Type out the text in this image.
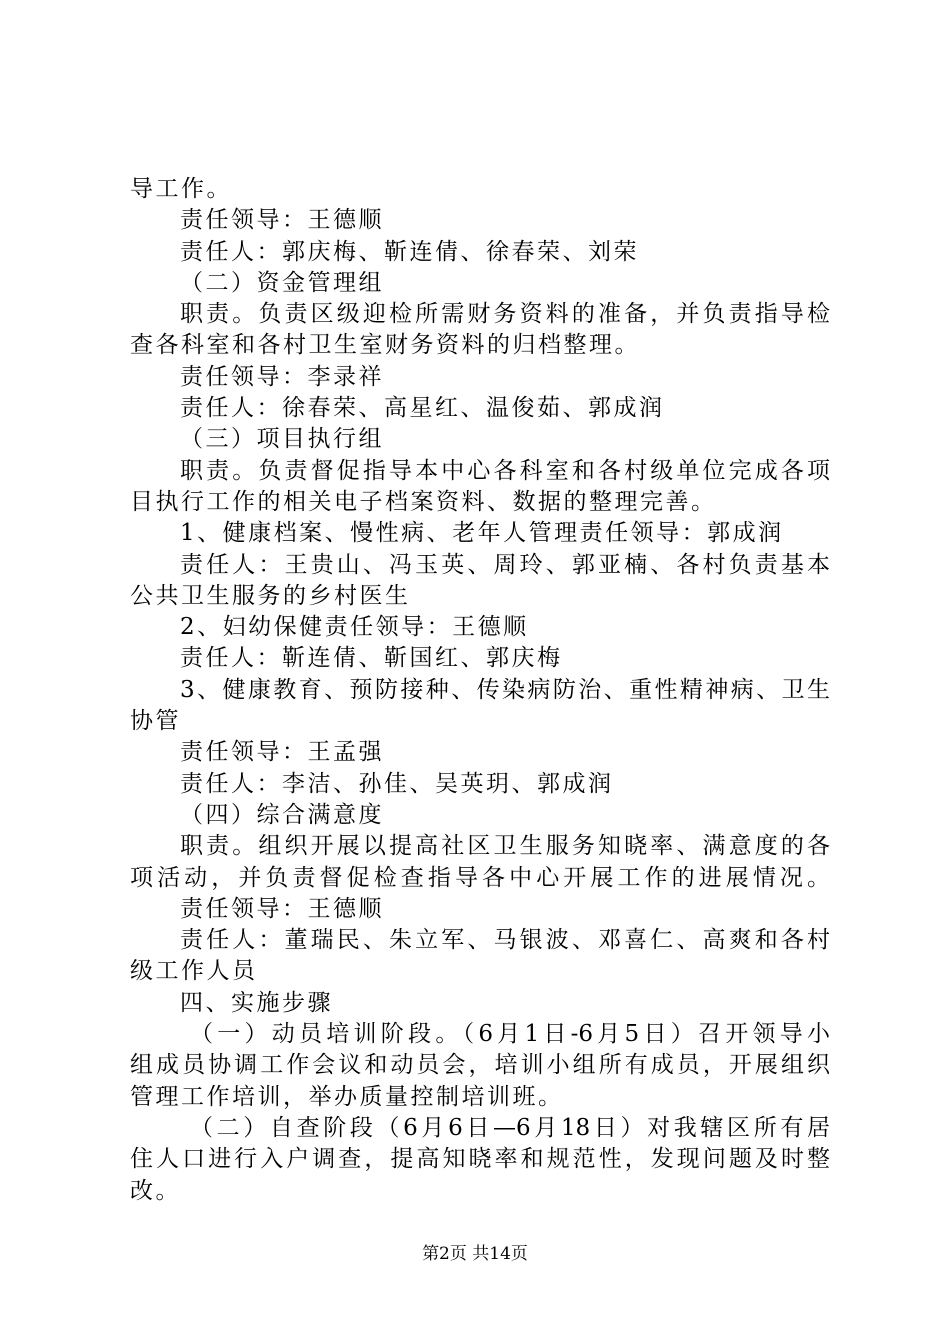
导工作。
责任领导：王德顺
责任人：郭庆梅、靳连倩、徐春荣、刘荣
（二）资金管理组
职责。负责区级迎检所需财务资料的准备，并负责指导检
查各科室和各村卫生室财务资料的归档整理。
责任领导：李录祥
责任人：徐春荣、高星红、温俊茹、郭成润
（三）项目执行组
职责。负责督促指导本中心各科室和各村级单位完成各项
目执行工作的相关电子档案资料、数据的整理完善。
1、健康档案、慢性病、老年人管理责任领导：郭成润
责任人：王贵山、冯玉英、周玲、郭亚楠、各村负责基本
公共卫生服务的乡村医生
2、妇幼保健责任领导：王德顺
责任人：靳连倩、靳国红、郭庆梅
3、健康教育、预防接种、传染病防治、重性精神病、卫生
协管
责任领导：王孟强
责任人：李洁、孙佳、吴英玥、郭成润
（四）综合满意度
职责。组织开展以提高社区卫生服务知晓率、满意度的各
项活动，并负责督促检查指导各中心开展工作的进展情况。
责任领导：王德顺
责任人：董瑞民、朱立军、马银波、邓喜仁、高爽和各村
级工作人员
四、实施步骤
（一）动员培训阶段。（6月1日-6月5日）召开领导小
组成员协调工作会议和动员会，培训小组所有成员，开展组织
管理工作培训，举办质量控制培训班。
（二）自查阶段（6月6日—6月18日）对我辖区所有居
住人口进行入户调查，提高知晓率和规范性，发现问题及时整
改。
第2页 共14页
